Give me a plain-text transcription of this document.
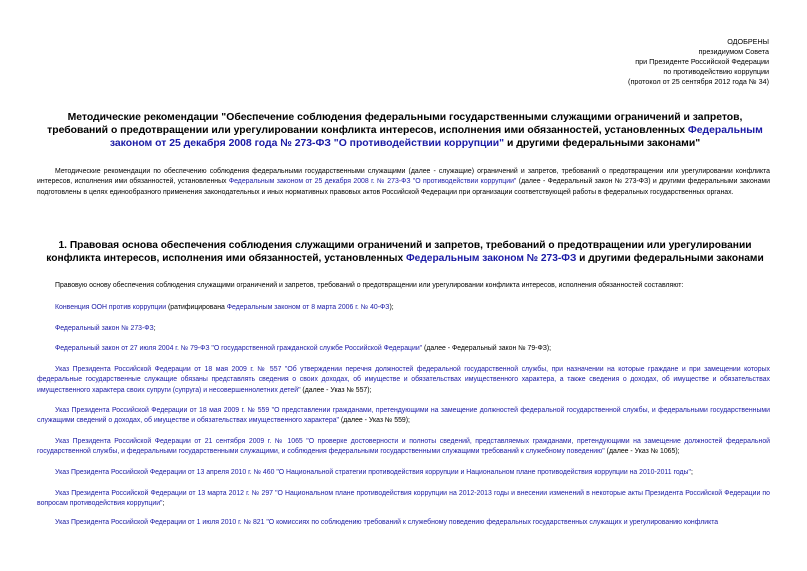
ОДОБРЕНЫ
президиумом Совета
при Президенте Российской Федерации
по противодействию коррупции
(протокол от 25 сентября 2012 года № 34)
Методические рекомендации "Обеспечение соблюдения федеральными государственными служащими ограничений и запретов, требований о предотвращении или урегулировании конфликта интересов, исполнения ими обязанностей, установленных Федеральным законом от 25 декабря 2008 года № 273-ФЗ "О противодействии коррупции" и другими федеральными законами"
Методические рекомендации по обеспечению соблюдения федеральными государственными служащими (далее - служащие) ограничений и запретов, требований о предотвращении или урегулировании конфликта интересов, исполнения ими обязанностей, установленных Федеральным законом от 25 декабря 2008 г. № 273-ФЗ "О противодействии коррупции" (далее - Федеральный закон № 273-ФЗ) и другими федеральными законами подготовлены в целях единообразного применения законодательных и иных нормативных правовых актов Российской Федерации при организации соответствующей работы в федеральных государственных органах.
1. Правовая основа обеспечения соблюдения служащими ограничений и запретов, требований о предотвращении или урегулировании конфликта интересов, исполнения ими обязанностей, установленных Федеральным законом № 273-ФЗ и другими федеральными законами
Правовую основу обеспечения соблюдения служащими ограничений и запретов, требований о предотвращении или урегулировании конфликта интересов, исполнения обязанностей составляют:
Конвенция ООН против коррупции (ратифицирована Федеральным законом от 8 марта 2006 г. № 40-ФЗ);
Федеральный закон № 273-ФЗ;
Федеральный закон от 27 июля 2004 г. № 79-ФЗ "О государственной гражданской службе Российской Федерации" (далее - Федеральный закон № 79-ФЗ);
Указ Президента Российской Федерации от 18 мая 2009 г. № 557 "Об утверждении перечня должностей федеральной государственной службы, при назначении на которые граждане и при замещении которых федеральные государственные служащие обязаны представлять сведения о своих доходах, об имуществе и обязательствах имущественного характера, а также сведения о доходах, об имуществе и обязательствах имущественного характера своих супруги (супруга) и несовершеннолетних детей" (далее - Указ № 557);
Указ Президента Российской Федерации от 18 мая 2009 г. № 559 "О представлении гражданами, претендующими на замещение должностей федеральной государственной службы, и федеральными государственными служащими сведений о доходах, об имуществе и обязательствах имущественного характера" (далее - Указ № 559);
Указ Президента Российской Федерации от 21 сентября 2009 г. № 1065 "О проверке достоверности и полноты сведений, представляемых гражданами, претендующими на замещение должностей федеральной государственной службы, и федеральными государственными служащими, и соблюдения федеральными государственными служащими требований к служебному поведению" (далее - Указ № 1065);
Указ Президента Российской Федерации от 13 апреля 2010 г. № 460 "О Национальной стратегии противодействия коррупции и Национальном плане противодействия коррупции на 2010-2011 годы";
Указ Президента Российской Федерации от 13 марта 2012 г. № 297 "О Национальном плане противодействия коррупции на 2012-2013 годы и внесении изменений в некоторые акты Президента Российской Федерации по вопросам противодействия коррупции";
Указ Президента Российской Федерации от 1 июля 2010 г. № 821 "О комиссиях по соблюдению требований к служебному поведению федеральных государственных служащих и урегулированию конфликта
